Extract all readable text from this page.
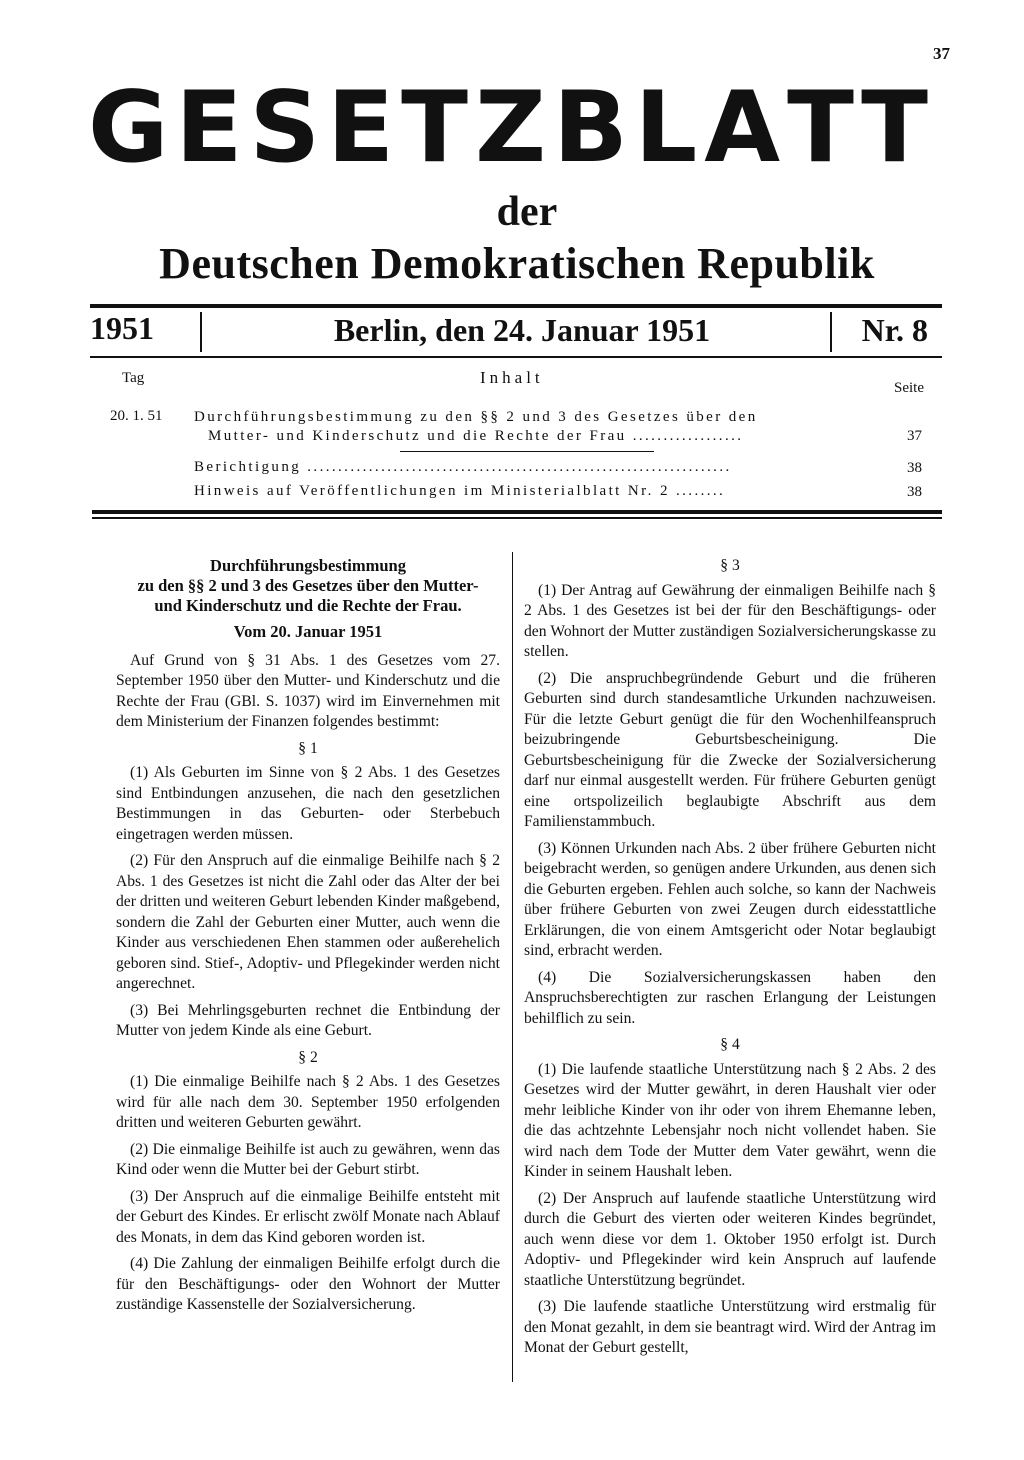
37
GESETZBLATT
der
Deutschen Demokratischen Republik
1951	Berlin, den 24. Januar 1951	Nr. 8
Tag	Inhalt
Seite
20. 1. 51 Durchführungsbestimmung zu den §§ 2 und 3 des Gesetzes über den
Mutter- und Kinderschutz und die Rechte der Frau ..................	37
Berichtigung .....................................................................	38
Hinweis auf Veröffentlichungen im Ministerialblatt Nr. 2 ........	38
Durchführungsbestimmung
zu den §§ 2 und 3 des Gesetzes über den Mutter-
und Kinderschutz und die Rechte der Frau.

Vom 20. Januar 1951

Auf Grund von § 31 Abs. 1 des Gesetzes vom 27. September 1950 über den Mutter- und Kinderschutz und die Rechte der Frau (GBl. S. 1037) wird im Einvernehmen mit dem Ministerium der Finanzen folgendes bestimmt:

§ 1

(1) Als Geburten im Sinne von § 2 Abs. 1 des Gesetzes sind Entbindungen anzusehen, die nach den gesetzlichen Bestimmungen in das Geburten- oder Sterbebuch eingetragen werden müssen.

(2) Für den Anspruch auf die einmalige Beihilfe nach § 2 Abs. 1 des Gesetzes ist nicht die Zahl oder das Alter der bei der dritten und weiteren Geburt lebenden Kinder maßgebend, sondern die Zahl der Geburten einer Mutter, auch wenn die Kinder aus verschiedenen Ehen stammen oder außerehelich geboren sind. Stief-, Adoptiv- und Pflegekinder werden nicht angerechnet.

(3) Bei Mehrlingsgeburten rechnet die Entbindung der Mutter von jedem Kinde als eine Geburt.

§ 2

(1) Die einmalige Beihilfe nach § 2 Abs. 1 des Gesetzes wird für alle nach dem 30. September 1950 erfolgenden dritten und weiteren Geburten gewährt.

(2) Die einmalige Beihilfe ist auch zu gewähren, wenn das Kind oder wenn die Mutter bei der Geburt stirbt.

(3) Der Anspruch auf die einmalige Beihilfe entsteht mit der Geburt des Kindes. Er erlischt zwölf Monate nach Ablauf des Monats, in dem das Kind geboren worden ist.

(4) Die Zahlung der einmaligen Beihilfe erfolgt durch die für den Beschäftigungs- oder den Wohnort der Mutter zuständige Kassenstelle der Sozialversicherung.

§ 3

(1) Der Antrag auf Gewährung der einmaligen Beihilfe nach § 2 Abs. 1 des Gesetzes ist bei der für den Beschäftigungs- oder den Wohnort der Mutter zuständigen Sozialversicherungskasse zu stellen.

(2) Die anspruchbegründende Geburt und die früheren Geburten sind durch standesamtliche Urkunden nachzuweisen. Für die letzte Geburt genügt die für den Wochenhilfeanspruch beizubringende Geburtsbescheinigung. Die Geburtsbescheinigung für die Zwecke der Sozialversicherung darf nur einmal ausgestellt werden. Für frühere Geburten genügt eine ortspolizeilich beglaubigte Abschrift aus dem Familienstammbuch.

(3) Können Urkunden nach Abs. 2 über frühere Geburten nicht beigebracht werden, so genügen andere Urkunden, aus denen sich die Geburten ergeben. Fehlen auch solche, so kann der Nachweis über frühere Geburten von zwei Zeugen durch eidesstattliche Erklärungen, die von einem Amtsgericht oder Notar beglaubigt sind, erbracht werden.

(4) Die Sozialversicherungskassen haben den Anspruchsberechtigten zur raschen Erlangung der Leistungen behilflich zu sein.

§ 4

(1) Die laufende staatliche Unterstützung nach § 2 Abs. 2 des Gesetzes wird der Mutter gewährt, in deren Haushalt vier oder mehr leibliche Kinder von ihr oder von ihrem Ehemanne leben, die das achtzehnte Lebensjahr noch nicht vollendet haben. Sie wird nach dem Tode der Mutter dem Vater gewährt, wenn die Kinder in seinem Haushalt leben.

(2) Der Anspruch auf laufende staatliche Unterstützung wird durch die Geburt des vierten oder weiteren Kindes begründet, auch wenn diese vor dem 1. Oktober 1950 erfolgt ist. Durch Adoptiv- und Pflegekinder wird kein Anspruch auf laufende staatliche Unterstützung begründet.

(3) Die laufende staatliche Unterstützung wird erstmalig für den Monat gezahlt, in dem sie beantragt wird. Wird der Antrag im Monat der Geburt gestellt,
